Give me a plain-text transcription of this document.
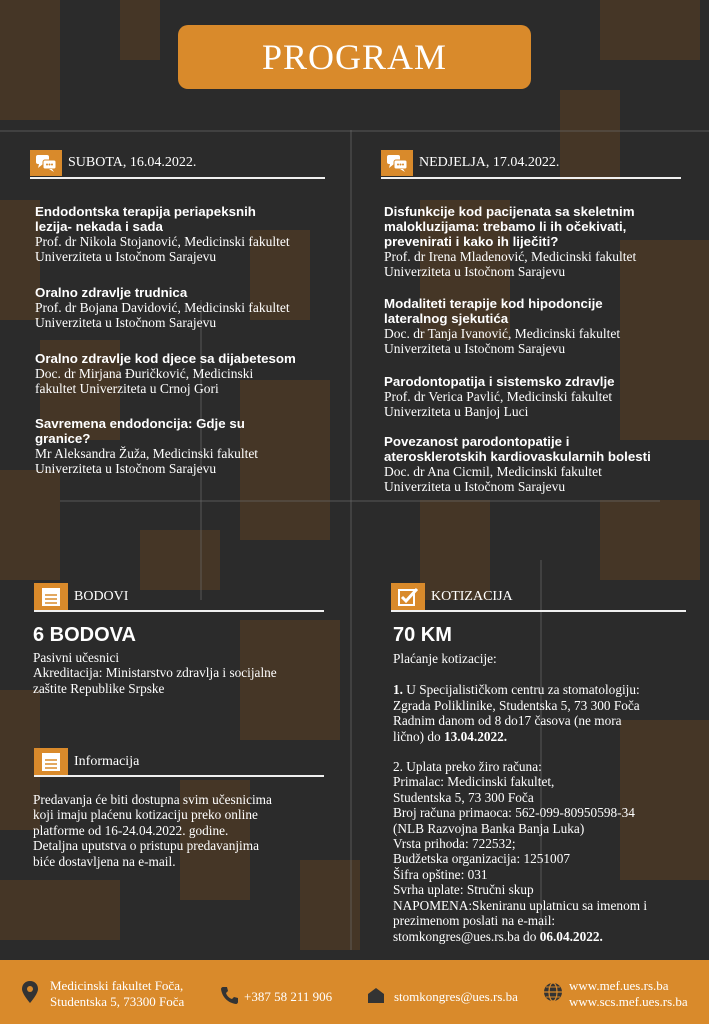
PROGRAM
SUBOTA, 16.04.2022.	NEDJELJA, 17.04.2022.
Endodontska terapija periapeksnih
lezija- nekada i sada
Prof. dr Nikola Stojanović, Medicinski fakultet
Univerziteta u Istočnom Sarajevu
Oralno zdravlje trudnica
Prof. dr Bojana Davidović, Medicinski fakultet
Univerziteta u Istočnom Sarajevu
Oralno zdravlje kod djece sa dijabetesom
Doc. dr Mirjana Đuričković, Medicinski
fakultet Univerziteta u Crnoj Gori
Savremena endodoncija: Gdje su
granice?
Mr Aleksandra Žuža, Medicinski fakultet
Univerziteta u Istočnom Sarajevu
Disfunkcije kod pacijenata sa skeletnim
malokluzijama: trebamo li ih očekivati,
prevenirati i kako ih liječiti?
Prof. dr Irena Mladenović, Medicinski fakultet
Univerziteta u Istočnom Sarajevu
Modaliteti terapije kod hipodoncije
lateralnog sjekutića
Doc. dr Tanja Ivanović, Medicinski fakultet
Univerziteta u Istočnom Sarajevu
Parodontopatija i sistemsko zdravlje
Prof. dr Verica Pavlić, Medicinski fakultet
Univerziteta u Banjoj Luci
Povezanost parodontopatije i
aterosklerotskih kardiovaskularnih bolesti
Doc. dr Ana Cicmil, Medicinski fakultet
Univerziteta u Istočnom Sarajevu
BODOVI
6 BODOVA
Pasivni učesnici
Akreditacija: Ministarstvo zdravlja i socijalne
zaštite Republike Srpske
Informacija
Predavanja će biti dostupna svim učesnicima
koji imaju plaćenu kotizaciju preko online
platforme od 16-24.04.2022. godine.
Detaljna uputstva o pristupu predavanjima
biće dostavljena na e-mail.
KOTIZACIJA
70 KM
Plaćanje kotizacije:
1. U Specijalističkom centru za stomatologiju:
Zgrada Poliklinike, Studentska 5, 73 300 Foča
Radnim danom od 8 do17 časova (ne mora
lično) do 13.04.2022.
2. Uplata preko žiro računa:
Primalac: Medicinski fakultet,
Studentska 5, 73 300 Foča
Broj računa primaoca: 562-099-80950598-34
(NLB Razvojna Banka Banja Luka)
Vrsta prihoda: 722532;
Budžetska organizacija: 1251007
Šifra opštine: 031
Svrha uplate: Stručni skup
NAPOMENA:Skeniranu uplatnicu sa imenom i
prezimenom poslati na e-mail:
stomkongres@ues.rs.ba do 06.04.2022.
Medicinski fakultet Foča,
Studentska 5, 73300 Foča	+387 58 211 906	stomkongres@ues.rs.ba
www.mef.ues.rs.ba
www.scs.mef.ues.rs.ba
